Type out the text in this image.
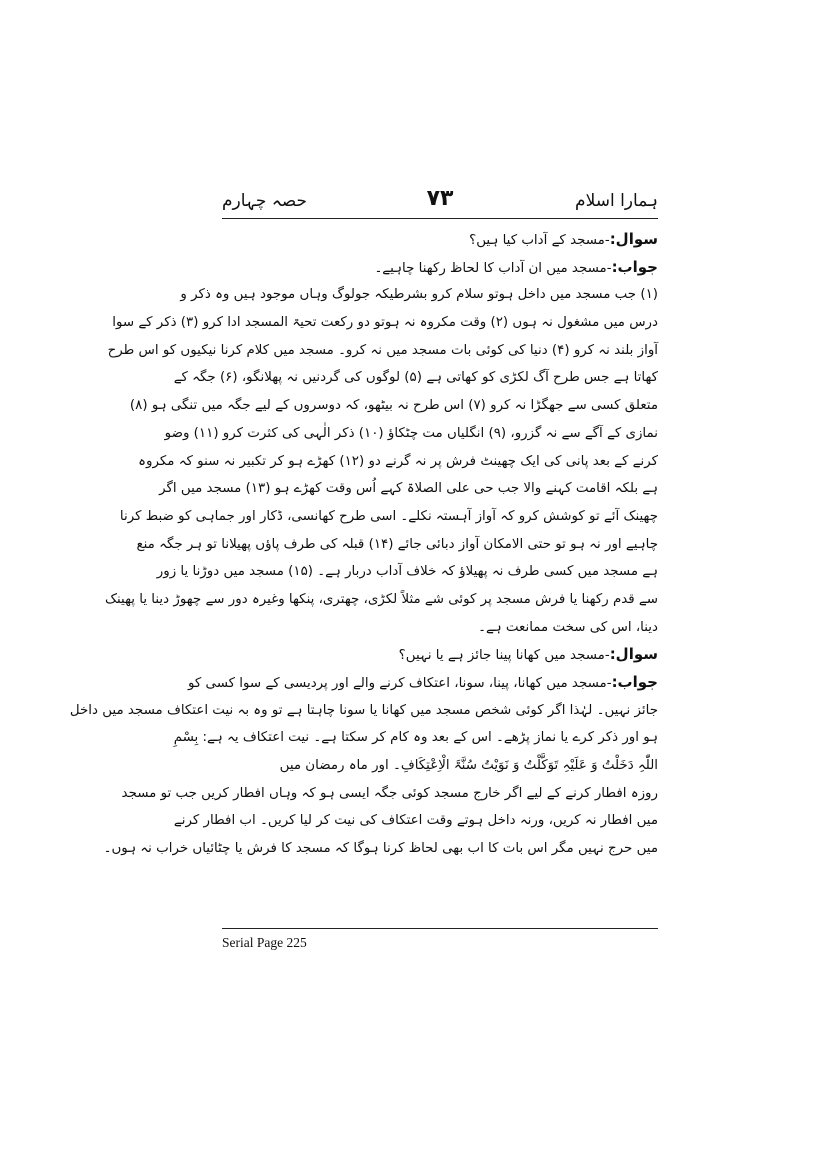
ہمارا اسلام
۷۳
حصہ چہارم
سوال:-مسجد کے آداب کیا ہیں؟
جواب:-مسجد میں ان آداب کا لحاظ رکھنا چاہیے۔
(۱) جب مسجد میں داخل ہوتو سلام کرو بشرطیکہ جولوگ وہاں موجود ہیں وہ ذکر و
درس میں مشغول نہ ہوں (۲) وقت مکروہ نہ ہوتو دو رکعت تحیۃ المسجد ادا کرو (۳) ذکر کے سوا
آواز بلند نہ کرو (۴) دنیا کی کوئی بات مسجد میں نہ کرو۔ مسجد میں کلام کرنا نیکیوں کو اس طرح
کھاتا ہے جس طرح آگ لکڑی کو کھاتی ہے (۵) لوگوں کی گردنیں نہ پھلانگو، (۶) جگہ کے
متعلق کسی سے جھگڑا نہ کرو (۷) اس طرح نہ بیٹھو، کہ دوسروں کے لیے جگہ میں تنگی ہو (۸)
نمازی کے آگے سے نہ گزرو، (۹) انگلیاں مت چٹکاؤ (۱۰) ذکر الٰہی کی کثرت کرو (۱۱) وضو
کرنے کے بعد پانی کی ایک چھینٹ فرش پر نہ گرنے دو (۱۲) کھڑے ہو کر تکبیر نہ سنو کہ مکروہ
ہے بلکہ اقامت کہنے والا جب حی علی الصلاۃ کہے اُس وقت کھڑے ہو (۱۳) مسجد میں اگر
چھینک آئے تو کوشش کرو کہ آواز آہستہ نکلے۔ اسی طرح کھانسی، ڈکار اور جماہی کو ضبط کرنا
چاہیے اور نہ ہو تو حتی الامکان آواز دبائی جائے (۱۴) قبلہ کی طرف پاؤں پھیلانا تو ہر جگہ منع
ہے مسجد میں کسی طرف نہ پھیلاؤ کہ خلاف آداب دربار ہے۔ (۱۵) مسجد میں دوڑنا یا زور
سے قدم رکھنا یا فرش مسجد پر کوئی شے مثلاً لکڑی، چھتری، پنکھا وغیرہ دور سے چھوڑ دینا یا پھینک
دینا، اس کی سخت ممانعت ہے۔
سوال:-مسجد میں کھانا پینا جائز ہے یا نہیں؟
جواب:-مسجد میں کھانا، پینا، سونا، اعتکاف کرنے والے اور پردیسی کے سوا کسی کو
جائز نہیں۔ لہٰذا اگر کوئی شخص مسجد میں کھانا یا سونا چاہتا ہے تو وہ بہ نیت اعتکاف مسجد میں داخل
ہو اور ذکر کرے یا نماز پڑھے۔ اس کے بعد وہ کام کر سکتا ہے۔ نیت اعتکاف یہ ہے: بِسْمِ
اللّٰہِ دَخَلْتُ وَ عَلَیْہِ تَوَکَّلْتُ وَ نَوَیْتُ سُنَّۃَ الْاِعْتِکَافِ۔ اور ماہ رمضان میں
روزہ افطار کرنے کے لیے اگر خارج مسجد کوئی جگہ ایسی ہو کہ وہاں افطار کریں جب تو مسجد
میں افطار نہ کریں، ورنہ داخل ہوتے وقت اعتکاف کی نیت کر لیا کریں۔ اب افطار کرنے
میں حرج نہیں مگر اس بات کا اب بھی لحاظ کرنا ہوگا کہ مسجد کا فرش یا چٹائیاں خراب نہ ہوں۔
Serial Page 225
